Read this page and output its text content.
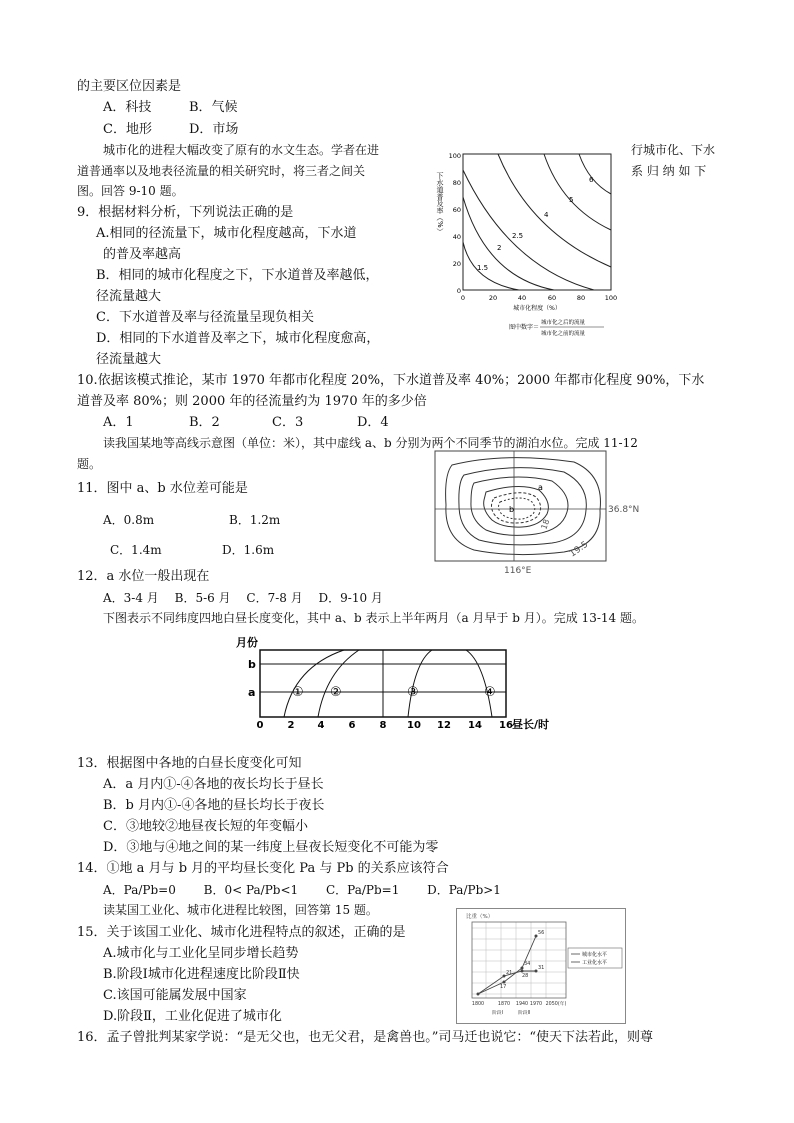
的主要区位因素是
A．科技	B．气候
C．地形	D．市场
城市化的进程大幅改变了原有的水文生态。学者在进	行城市化、下水
道普通率以及地表径流量的相关研究时，将三者之间关	系 归 纳 如 下
图。回答 9-10 题。
9．根据材料分析，下列说法正确的是
A.相同的径流量下，城市化程度越高，下水道
的普及率越高
B．相同的城市化程度之下，下水道普及率越低，
径流量越大
C．下水道普及率与径流量呈现负相关
D．相同的下水道普及率之下，城市化程度愈高，
径流量越大
下水道普及率（%）
100
80
60
40
20
0
1.5
2
2.5
4
5
6
0	20	40	60	80	100
城市化程度（%）
图中数字＝
城市化之后的流量
城市化之前的流量
10.依据该模式推论，某市 1970 年都市化程度 20%，下水道普及率 40%；2000 年都市化程度 90%，下水
道普及率 80%；则 2000 年的径流量约为 1970 年的多少倍
A．1	B．2	C．3	D．4
读我国某地等高线示意图（单位：米），其中虚线 a、b 分别为两个不同季节的湖泊水位。完成 11-12
题。
11．图中 a、b 水位差可能是
A．0.8m	B．1.2m
C．1.4m	D．1.6m
a
b
18
19.5
36.8°N
116°E
12．a 水位一般出现在
A．3-4 月　 B．5-6 月　 C．7-8 月　 D．9-10 月
下图表示不同纬度四地白昼长度变化，其中 a、b 表示上半年两月（a 月早于 b 月）。完成 13-14 题。
月份
b
a	① ②	③	④
0 2 4 6 8 10 12 14 16 昼长/时
13．根据图中各地的白昼长度变化可知
A．a 月内①-④各地的夜长均长于昼长
B．b 月内①-④各地的昼长均长于夜长
C．③地较②地昼夜长短的年变幅小
D．③地与④地之间的某一纬度上昼夜长短变化不可能为零
14．①地 a 月与 b 月的平均昼长变化 Pa 与 Pb 的关系应该符合
A．Pa/Pb=0　　 B．0< Pa/Pb<1　　 C．Pa/Pb=1　　 D．Pa/Pb>1
读某国工业化、城市化进程比较图，回答第 15 题。
15．关于该国工业化、城市化进程特点的叙述，正确的是
A.城市化与工业化呈同步增长趋势
B.阶段Ⅰ城市化进程速度比阶段Ⅱ快
C.该国可能属发展中国家
D.阶段Ⅱ，工业化促进了城市化
比重（%）
56
34
31
28
21
17
城市化水平
工业化水平
1800	1870 1940 1970 2050(年)
阶段Ⅰ	阶段Ⅱ
16．孟子曾批判某家学说：“是无父也，也无父君，是禽兽也。”司马迁也说它：“使天下法若此，则尊
